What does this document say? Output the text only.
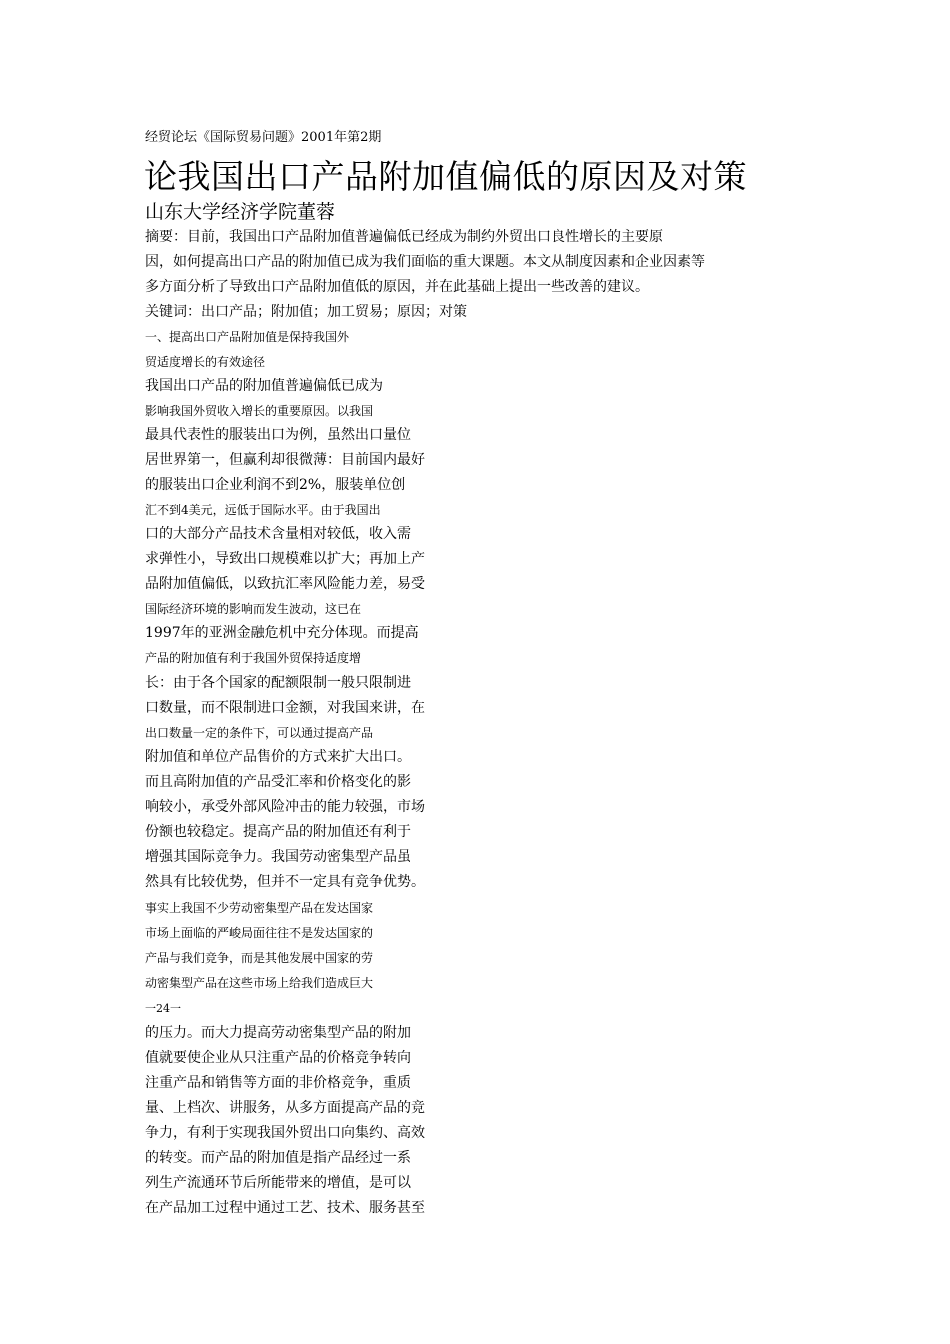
经贸论坛《国际贸易问题》2001年第2期
论我国出口产品附加值偏低的原因及对策
山东大学经济学院董蓉
摘要：目前，我国出口产品附加值普遍偏低已经成为制约外贸出口良性增长的主要原
因，如何提高出口产品的附加值已成为我们面临的重大课题。本文从制度因素和企业因素等
多方面分析了导致出口产品附加值低的原因，并在此基础上提出一些改善的建议。
关键词：出口产品；附加值；加工贸易；原因；对策
一、提高出口产品附加值是保持我国外
贸适度增长的有效途径
我国出口产品的附加值普遍偏低已成为
影响我国外贸收入增长的重要原因。以我国
最具代表性的服装出口为例，虽然出口量位
居世界第一，但赢利却很微薄：目前国内最好
的服装出口企业利润不到2%，服装单位创
汇不到4美元，远低于国际水平。由于我国出
口的大部分产品技术含量相对较低，收入需
求弹性小，导致出口规模难以扩大；再加上产
品附加值偏低，以致抗汇率风险能力差，易受
国际经济环境的影响而发生波动，这已在
1997年的亚洲金融危机中充分体现。而提高
产品的附加值有利于我国外贸保持适度增
长：由于各个国家的配额限制一般只限制进
口数量，而不限制进口金额，对我国来讲，在
出口数量一定的条件下，可以通过提高产品
附加值和单位产品售价的方式来扩大出口。
而且高附加值的产品受汇率和价格变化的影
响较小，承受外部风险冲击的能力较强，市场
份额也较稳定。提高产品的附加值还有利于
增强其国际竞争力。我国劳动密集型产品虽
然具有比较优势，但并不一定具有竞争优势。
事实上我国不少劳动密集型产品在发达国家
市场上面临的严峻局面往往不是发达国家的
产品与我们竞争，而是其他发展中国家的劳
动密集型产品在这些市场上给我们造成巨大
一24一
的压力。而大力提高劳动密集型产品的附加
值就要使企业从只注重产品的价格竞争转向
注重产品和销售等方面的非价格竞争，重质
量、上档次、讲服务，从多方面提高产品的竞
争力，有利于实现我国外贸出口向集约、高效
的转变。而产品的附加值是指产品经过一系
列生产流通环节后所能带来的增值，是可以
在产品加工过程中通过工艺、技术、服务甚至
